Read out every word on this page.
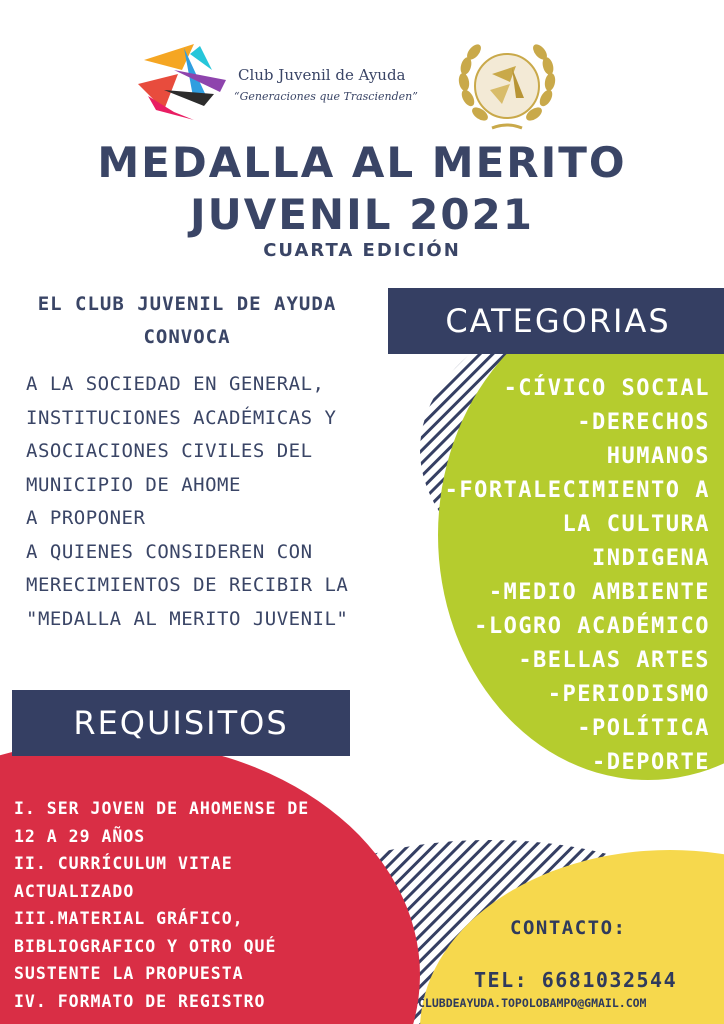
Club Juvenil de Ayuda
“Generaciones que Trascienden”
MEDALLA AL MERITO
JUVENIL 2021
CUARTA EDICIÓN
EL CLUB JUVENIL DE AYUDA
CONVOCA
A LA SOCIEDAD EN GENERAL,
INSTITUCIONES ACADÉMICAS Y
ASOCIACIONES CIVILES DEL
MUNICIPIO DE AHOME
A PROPONER
A QUIENES CONSIDEREN CON
MERECIMIENTOS DE RECIBIR LA
"MEDALLA AL MERITO JUVENIL"
CATEGORIAS
-CÍVICO SOCIAL
-DERECHOS
HUMANOS
-FORTALECIMIENTO A
LA CULTURA
INDIGENA
-MEDIO AMBIENTE
-LOGRO ACADÉMICO
-BELLAS ARTES
-PERIODISMO
-POLÍTICA
-DEPORTE
REQUISITOS
I. SER JOVEN DE AHOMENSE DE
12 A 29 AÑOS
II. CURRÍCULUM VITAE
ACTUALIZADO
III.MATERIAL GRÁFICO,
BIBLIOGRAFICO Y OTRO QUÉ
SUSTENTE LA PROPUESTA
IV. FORMATO DE REGISTRO
CONTACTO:
TEL: 6681032544
CLUBDEAYUDA.TOPOLOBAMPO@GMAIL.COM
